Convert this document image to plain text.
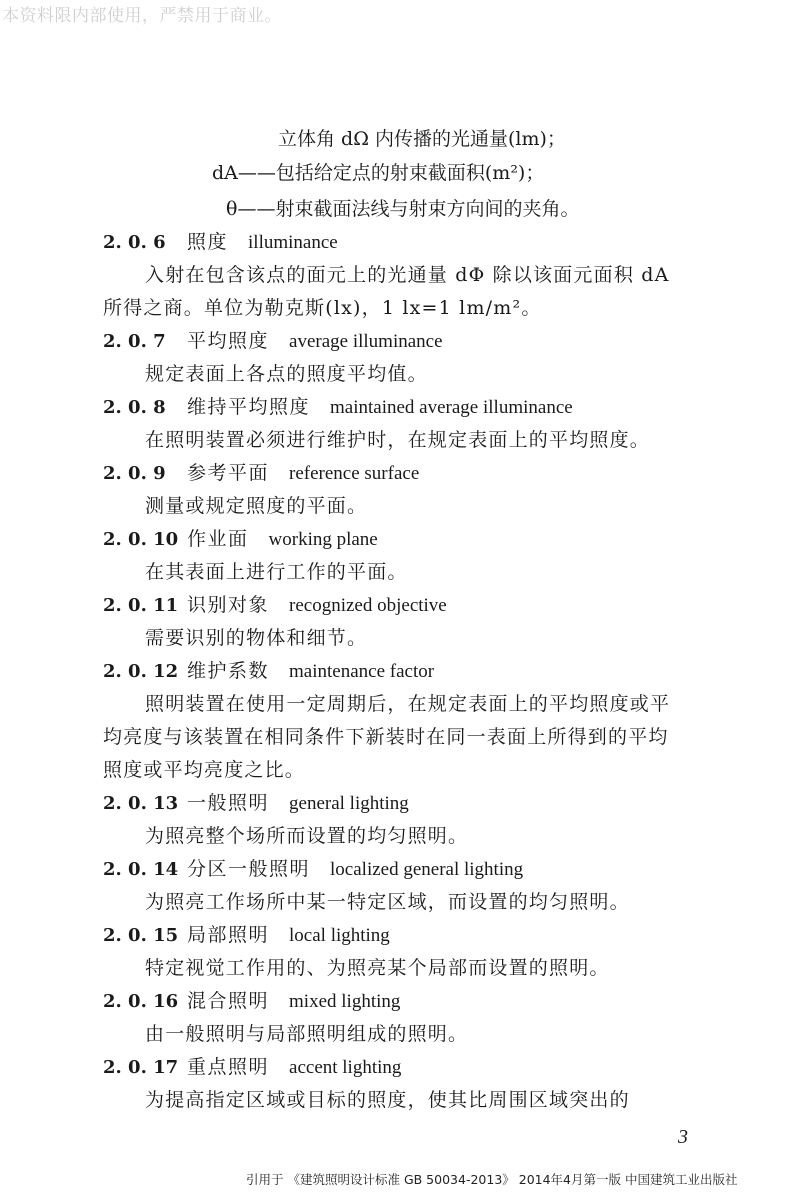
本资料限内部使用，严禁用于商业。
立体角 dΩ 内传播的光通量(lm)；
dA——包括给定点的射束截面积(m²)；
θ——射束截面法线与射束方向间的夹角。
2. 0. 6 照度 illuminance
入射在包含该点的面元上的光通量 dΦ 除以该面元面积 dA
所得之商。单位为勒克斯(lx)，1 lx=1 lm/m²。
2. 0. 7 平均照度 average illuminance
规定表面上各点的照度平均值。
2. 0. 8 维持平均照度 maintained average illuminance
在照明装置必须进行维护时，在规定表面上的平均照度。
2. 0. 9 参考平面 reference surface
测量或规定照度的平面。
2. 0. 10 作业面 working plane
在其表面上进行工作的平面。
2. 0. 11 识别对象 recognized objective
需要识别的物体和细节。
2. 0. 12 维护系数 maintenance factor
照明装置在使用一定周期后，在规定表面上的平均照度或平
均亮度与该装置在相同条件下新装时在同一表面上所得到的平均
照度或平均亮度之比。
2. 0. 13 一般照明 general lighting
为照亮整个场所而设置的均匀照明。
2. 0. 14 分区一般照明 localized general lighting
为照亮工作场所中某一特定区域，而设置的均匀照明。
2. 0. 15 局部照明 local lighting
特定视觉工作用的、为照亮某个局部而设置的照明。
2. 0. 16 混合照明 mixed lighting
由一般照明与局部照明组成的照明。
2. 0. 17 重点照明 accent lighting
为提高指定区域或目标的照度，使其比周围区域突出的
3
引用于 《建筑照明设计标准 GB 50034-2013》 2014年4月第一版 中国建筑工业出版社
